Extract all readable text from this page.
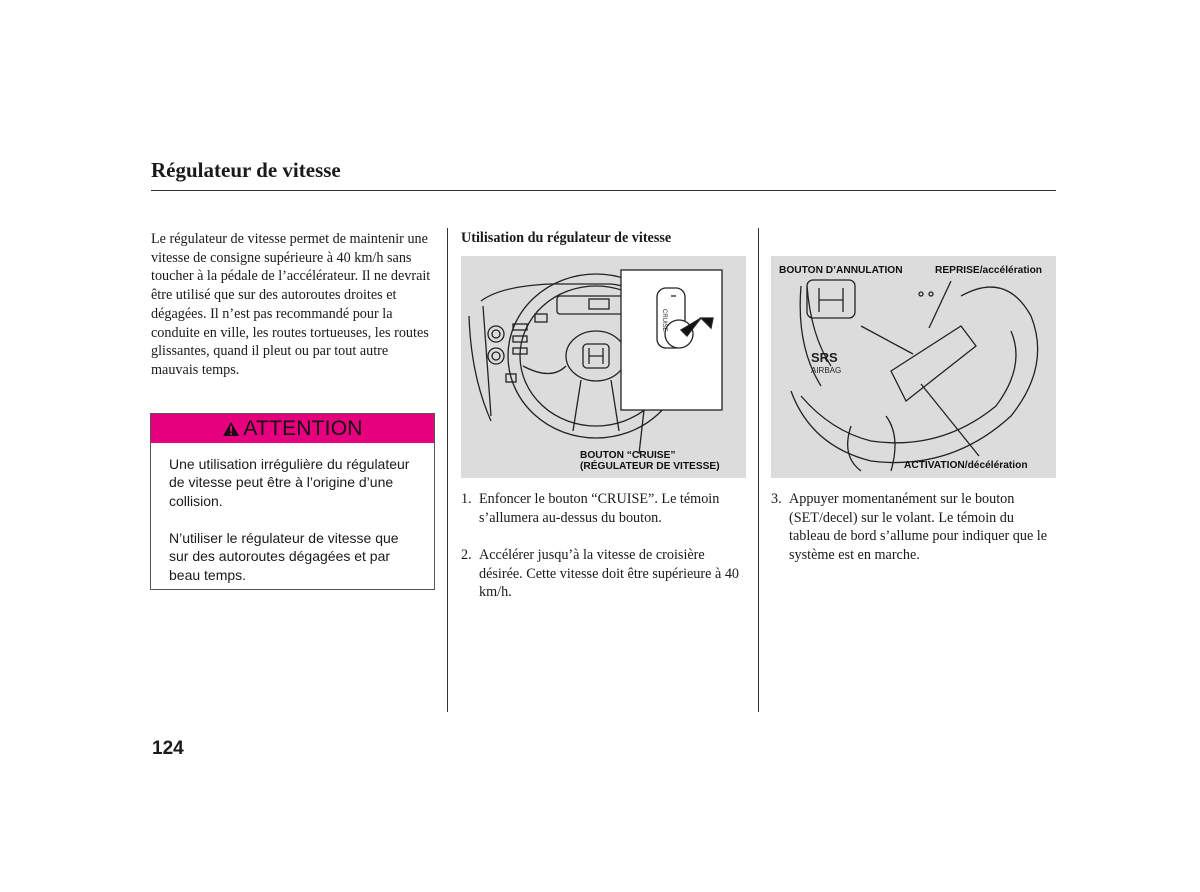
Régulateur de vitesse

Le régulateur de vitesse permet de maintenir une vitesse de consigne supérieure à 40 km/h sans toucher à la pédale de l’accélérateur. Il ne devrait être utilisé que sur des autoroutes droites et dégagées. Il n’est pas recommandé pour la conduite en ville, les routes tortueuses, les routes glissantes, quand il pleut ou par tout autre mauvais temps.

ATTENTION

Une utilisation irrégulière du régulateur de vitesse peut être à l’origine d’une collision.

N’utiliser le régulateur de vitesse que sur des autoroutes dégagées et par beau temps.

Utilisation du régulateur de vitesse

CRUISE

BOUTON “CRUISE”

(RÉGULATEUR DE VITESSE)

SRS
AIRBAG

BOUTON D’ANNULATION	REPRISE/accélération

ACTIVATION/décélération

1. Enfoncer le bouton “CRUISE”. Le témoin s’allumera au-dessus du bouton.
2. Accélérer jusqu’à la vitesse de croisière désirée. Cette vitesse doit être supérieure à 40 km/h.
3. Appuyer momentanément sur le bouton (SET/decel) sur le volant. Le témoin du tableau de bord s’allume pour indiquer que le système est en marche.

124
